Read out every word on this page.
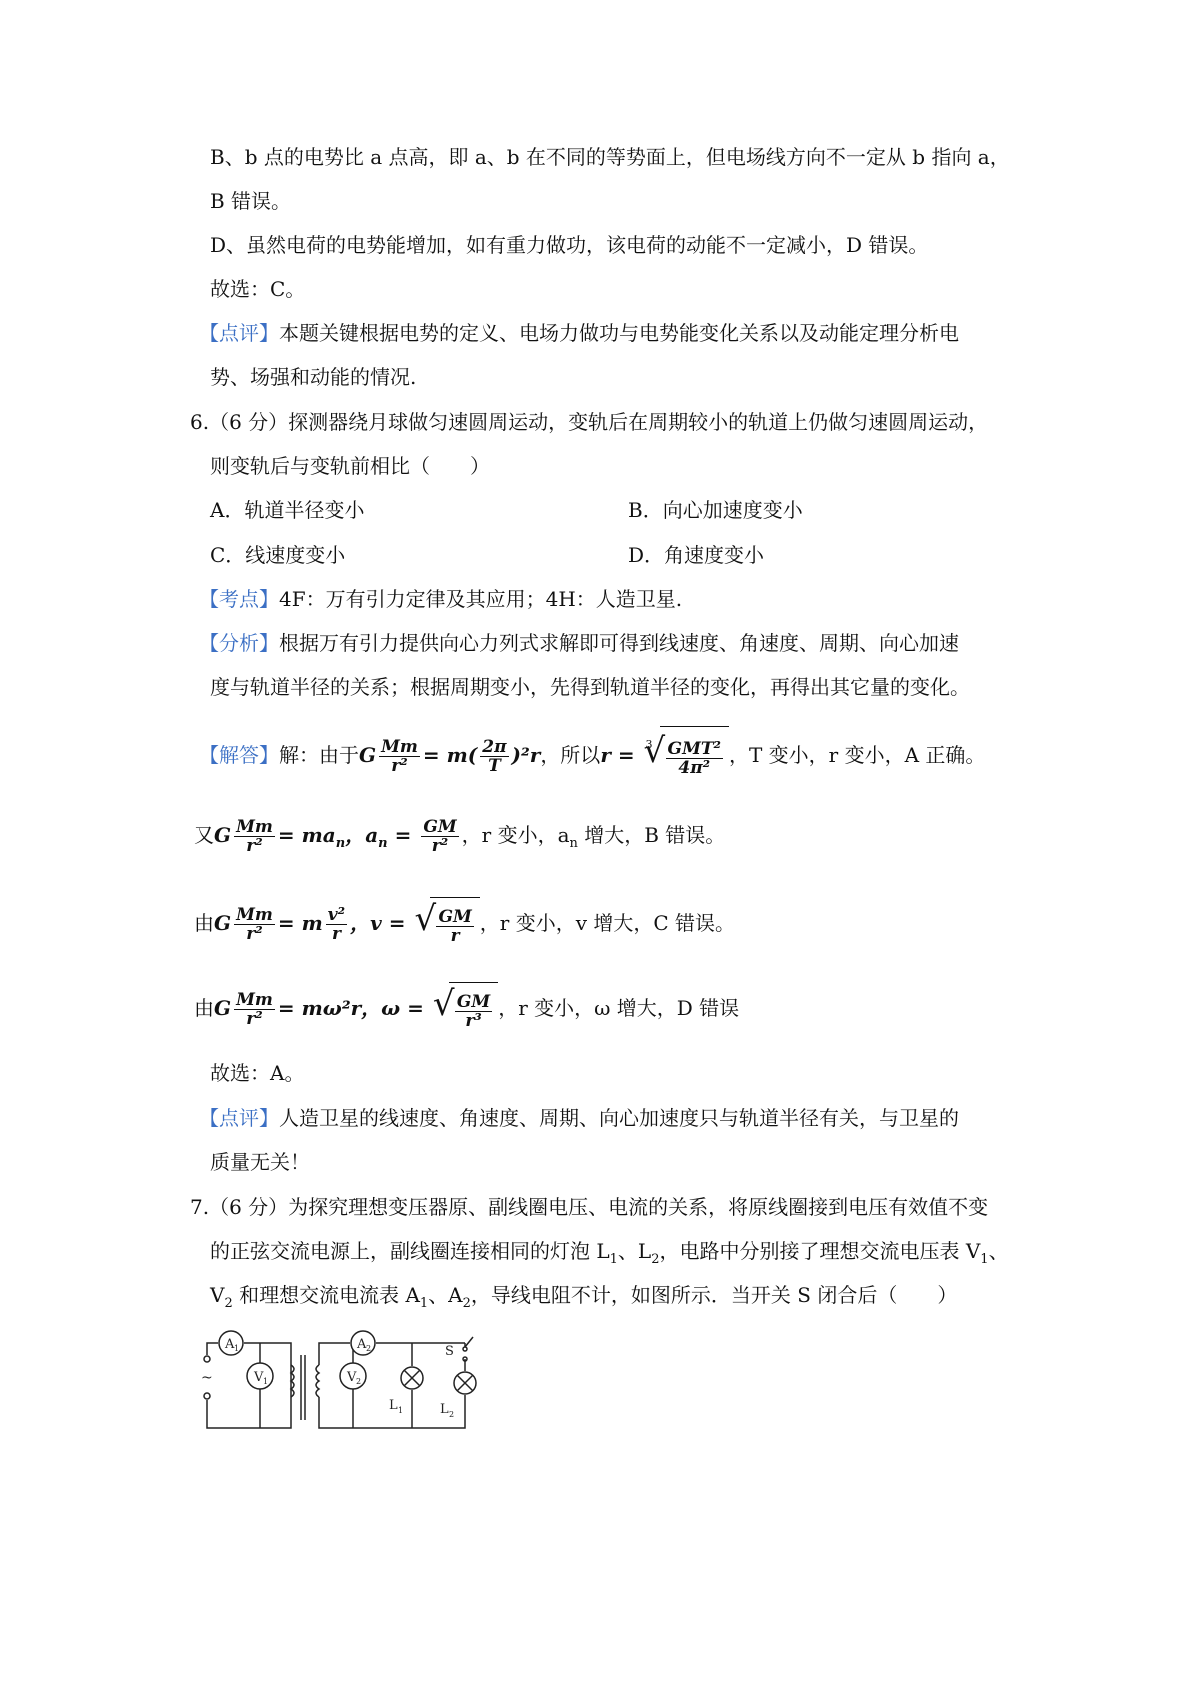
B、b 点的电势比 a 点高，即 a、b 在不同的等势面上，但电场线方向不一定从 b 指向 a，
B 错误。
D、虽然电荷的电势能增加，如有重力做功，该电荷的动能不一定减小，D 错误。
故选：C。
【点评】本题关键根据电势的定义、电场力做功与电势能变化关系以及动能定理分析电
势、场强和动能的情况.
6.（6 分）探测器绕月球做匀速圆周运动，变轨后在周期较小的轨道上仍做匀速圆周运动，
则变轨后与变轨前相比（　　）
A．轨道半径变小	B．向心加速度变小
C．线速度变小	D．角速度变小
【考点】4F：万有引力定律及其应用；4H：人造卫星.
【分析】根据万有引力提供向心力列式求解即可得到线速度、角速度、周期、向心加速
度与轨道半径的关系；根据周期变小，先得到轨道半径的变化，再得出其它量的变化。
【解答】解：由于G $\frac{Mm}{\text{r²}} = m( \frac{2\pi}{T} )^2r$，所以r = √ $3 \frac{\text{GMT²}}{\text{4π²}}$ ，T 变小，r 变小，A 正确。
又G $\frac{Mm}{\text{r²}} = ma_n$，$a_n = \frac{GM}{\text{r²}}$ ，r 变小，$a_n$ 增大，B 错误。
由G $\frac{Mm}{\text{r²}} = m \frac{\text{v²}}{r}$ ，v = √ $\frac{GM}{r}$ ，r 变小，v 增大，C 错误。
由G $\frac{Mm}{\text{r²}} = m\omega^2r$，ω = √ $\frac{GM}{\text{r³}}$ ，r 变小，ω 增大，D 错误
故选：A。
【点评】人造卫星的线速度、角速度、周期、向心加速度只与轨道半径有关，与卫星的
质量无关！
7.（6 分）为探究理想变压器原、副线圈电压、电流的关系，将原线圈接到电压有效值不变
的正弦交流电源上，副线圈连接相同的灯泡 $L_1$、$L_2$，电路中分别接了理想交流电压表 $V_1$、
$V_2$ 和理想交流电流表 $A_1$、$A_2$，导线电阻不计，如图所示．当开关 S 闭合后（　　）
A 1	A 2
V 1	V 2
L 1	L 2
S
~
